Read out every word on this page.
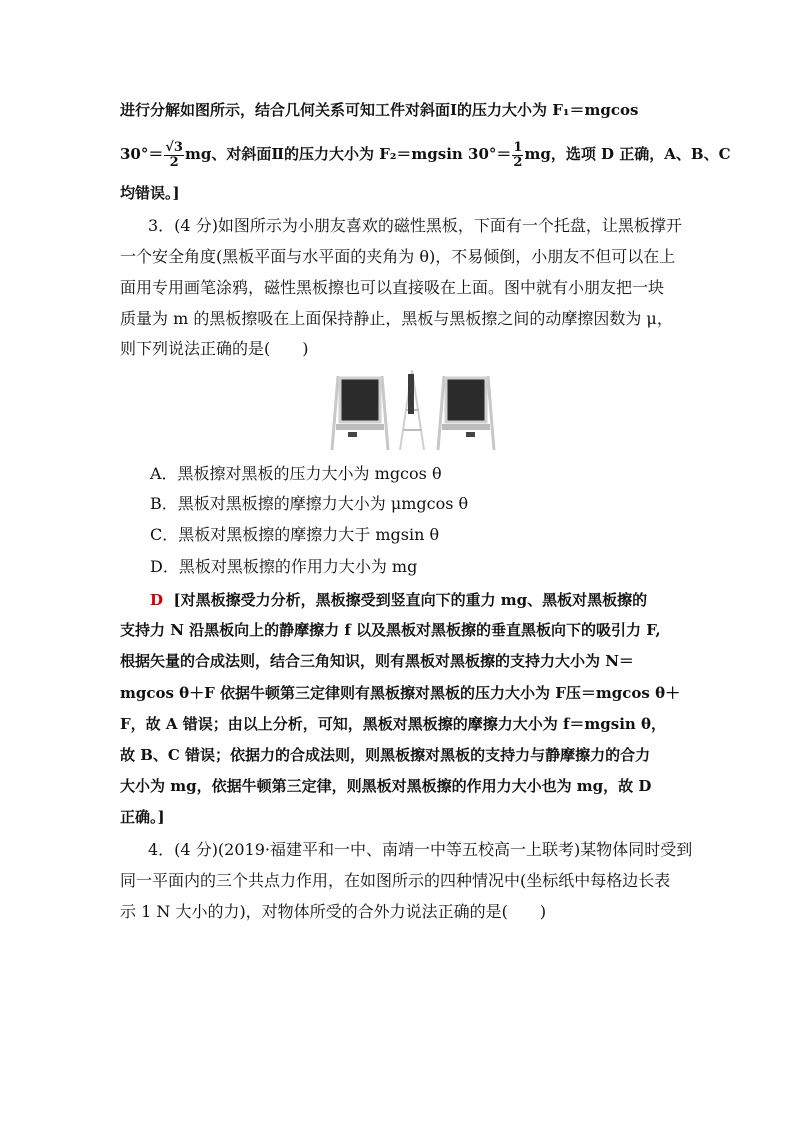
进行分解如图所示，结合几何关系可知工件对斜面Ⅰ的压力大小为 F₁＝mgcos
$30^\circ= \frac{√3}{2}$ mg、对斜面Ⅱ的压力大小为 F₂＝mgsin $30^\circ= \frac{1}{2}$ mg，选项 D 正确，A、B、C
均错误。]
3．(4 分)如图所示为小朋友喜欢的磁性黑板，下面有一个托盘，让黑板撑开
一个安全角度(黑板平面与水平面的夹角为 θ)，不易倾倒，小朋友不但可以在上
面用专用画笔涂鸦，磁性黑板擦也可以直接吸在上面。图中就有小朋友把一块
质量为 m 的黑板擦吸在上面保持静止，黑板与黑板擦之间的动摩擦因数为 μ，
则下列说法正确的是(　　)
A．黑板擦对黑板的压力大小为 mgcos θ
B．黑板对黑板擦的摩擦力大小为 μmgcos θ
C．黑板对黑板擦的摩擦力大于 mgsin θ
D．黑板对黑板擦的作用力大小为 mg
D [对黑板擦受力分析，黑板擦受到竖直向下的重力 mg、黑板对黑板擦的
支持力 N 沿黑板向上的静摩擦力 f 以及黑板对黑板擦的垂直黑板向下的吸引力 F,
根据矢量的合成法则，结合三角知识，则有黑板对黑板擦的支持力大小为 N＝
mgcos θ＋F 依据牛顿第三定律则有黑板擦对黑板的压力大小为 F压＝mgcos θ＋
F，故 A 错误；由以上分析，可知，黑板对黑板擦的摩擦力大小为 f＝mgsin θ，
故 B、C 错误；依据力的合成法则，则黑板擦对黑板的支持力与静摩擦力的合力
大小为 mg，依据牛顿第三定律，则黑板对黑板擦的作用力大小也为 mg，故 D
正确。]
4．(4 分)(2019·福建平和一中、南靖一中等五校高一上联考)某物体同时受到
同一平面内的三个共点力作用，在如图所示的四种情况中(坐标纸中每格边长表
示 1 N 大小的力)，对物体所受的合外力说法正确的是(　　)
